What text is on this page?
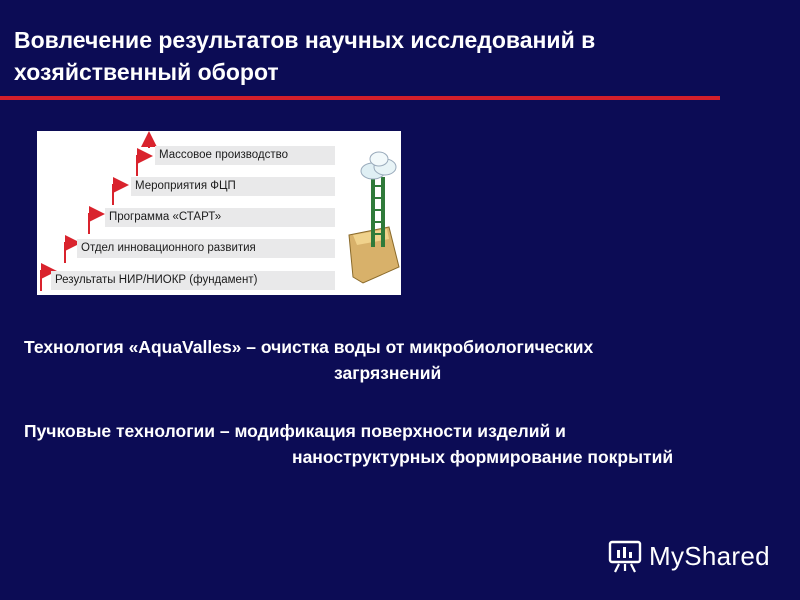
Вовлечение результатов научных исследований в хозяйственный оборот
Массовое производство
Мероприятия ФЦП
Программа «СТАРТ»
Отдел инновационного развития
Результаты НИР/НИОКР (фундамент)
Технология «AquaValles» – очистка воды от микробиологических
загрязнений
Пучковые технологии – модификация поверхности изделий и
наноструктурных формирование покрытий
MyShared
